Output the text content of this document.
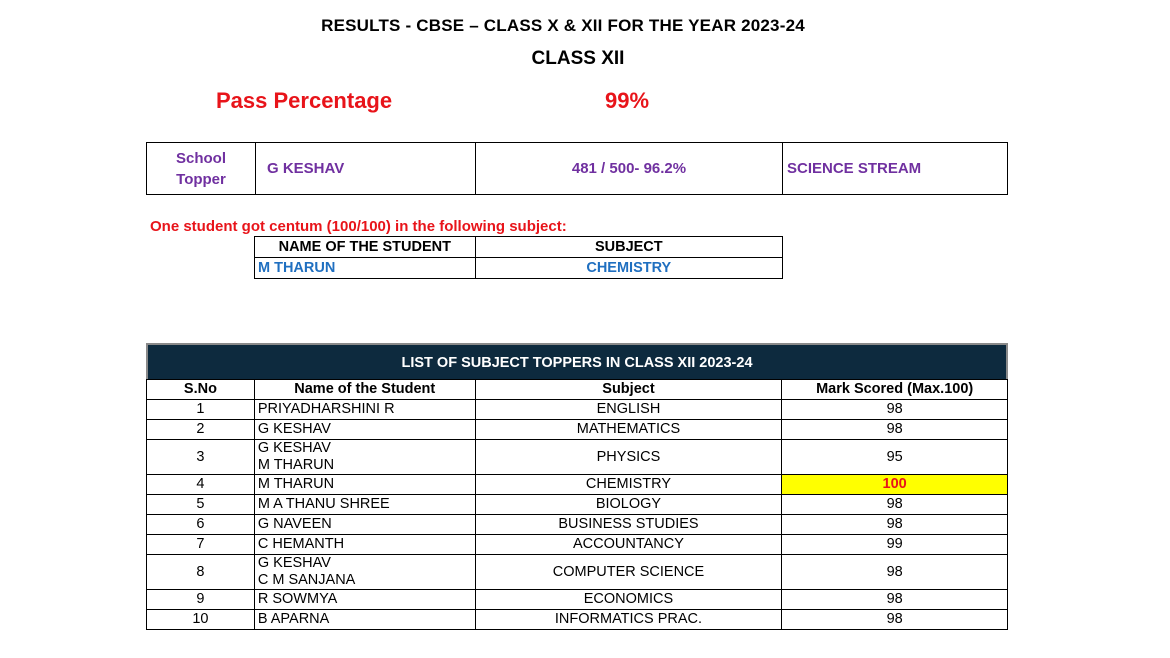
RESULTS - CBSE – CLASS X & XII FOR THE YEAR 2023-24
CLASS XII
Pass Percentage	99%
School Topper
G KESHAV	481 / 500- 96.2%	SCIENCE STREAM
One student got centum (100/100) in the following subject:
NAME OF THE STUDENT	SUBJECT
M THARUN	CHEMISTRY
LIST OF SUBJECT TOPPERS IN CLASS XII 2023-24
S.No	Name of the Student	Subject	Mark Scored (Max.100)
1	PRIYADHARSHINI R	ENGLISH	98
2	G KESHAV	MATHEMATICS	98
3	G KESHAV
M THARUN	PHYSICS	95
4	M THARUN	CHEMISTRY	100
5	M A THANU SHREE	BIOLOGY	98
6	G NAVEEN	BUSINESS STUDIES	98
7	C HEMANTH	ACCOUNTANCY	99
8	G KESHAV
C M SANJANA	COMPUTER SCIENCE	98
9	R SOWMYA	ECONOMICS	98
10	B APARNA	INFORMATICS PRAC.	98
